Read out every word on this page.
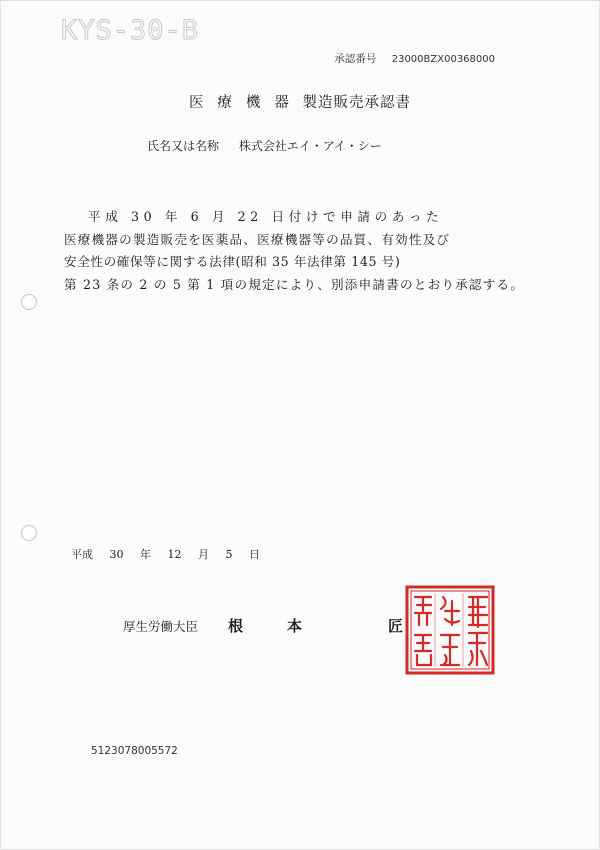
KYS-30-B
承認番号 23000BZX00368000
医療機器 製造販売承認書
氏名又は名称 株式会社エイ・アイ・シー
平成 30 年 6 月 22 日付けで申請のあった
医療機器の製造販売を医薬品、医療機器等の品質、有効性及び
安全性の確保等に関する法律(昭和 35 年法律第 145 号)
第 23 条の 2 の 5 第 1 項の規定により、別添申請書のとおり承認する。
平成 30 年 12 月 5 日
厚生労働大臣 根本	匠
5123078005572
